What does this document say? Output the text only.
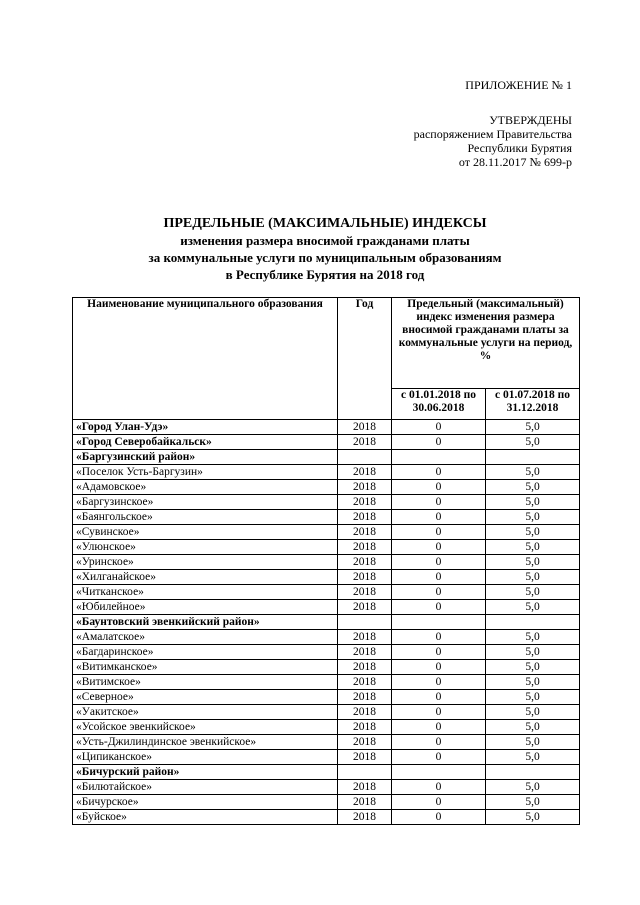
ПРИЛОЖЕНИЕ № 1
УТВЕРЖДЕНЫ
распоряжением Правительства
Республики Бурятия
от 28.11.2017 № 699-р
ПРЕДЕЛЬНЫЕ (МАКСИМАЛЬНЫЕ) ИНДЕКСЫ
изменения размера вносимой гражданами платы
за коммунальные услуги по муниципальным образованиям
в Республике Бурятия на 2018 год
Наименование муниципального образования	Год	Предельный (максимальный) индекс изменения размера вносимой гражданами платы за коммунальные услуги на период, %	
		с 01.01.2018 по 30.06.2018	с 01.07.2018 по 31.12.2018
«Город Улан-Удэ»	2018	0	5,0
«Город Северобайкальск»	2018	0	5,0
«Баргузинский район»			
«Поселок Усть-Баргузин»	2018	0	5,0
«Адамовское»	2018	0	5,0
«Баргузинское»	2018	0	5,0
«Баянгольское»	2018	0	5,0
«Сувинское»	2018	0	5,0
«Улюнское»	2018	0	5,0
«Уринское»	2018	0	5,0
«Хилганайское»	2018	0	5,0
«Читканское»	2018	0	5,0
«Юбилейное»	2018	0	5,0
«Баунтовский эвенкийский район»			
«Амалатское»	2018	0	5,0
«Багдаринское»	2018	0	5,0
«Витимканское»	2018	0	5,0
«Витимское»	2018	0	5,0
«Северное»	2018	0	5,0
«Уакитское»	2018	0	5,0
«Усойское эвенкийское»	2018	0	5,0
«Усть-Джилиндинское эвенкийское»	2018	0	5,0
«Ципиканское»	2018	0	5,0
«Бичурский район»			
«Билютайское»	2018	0	5,0
«Бичурское»	2018	0	5,0
«Буйское»	2018	0	5,0
